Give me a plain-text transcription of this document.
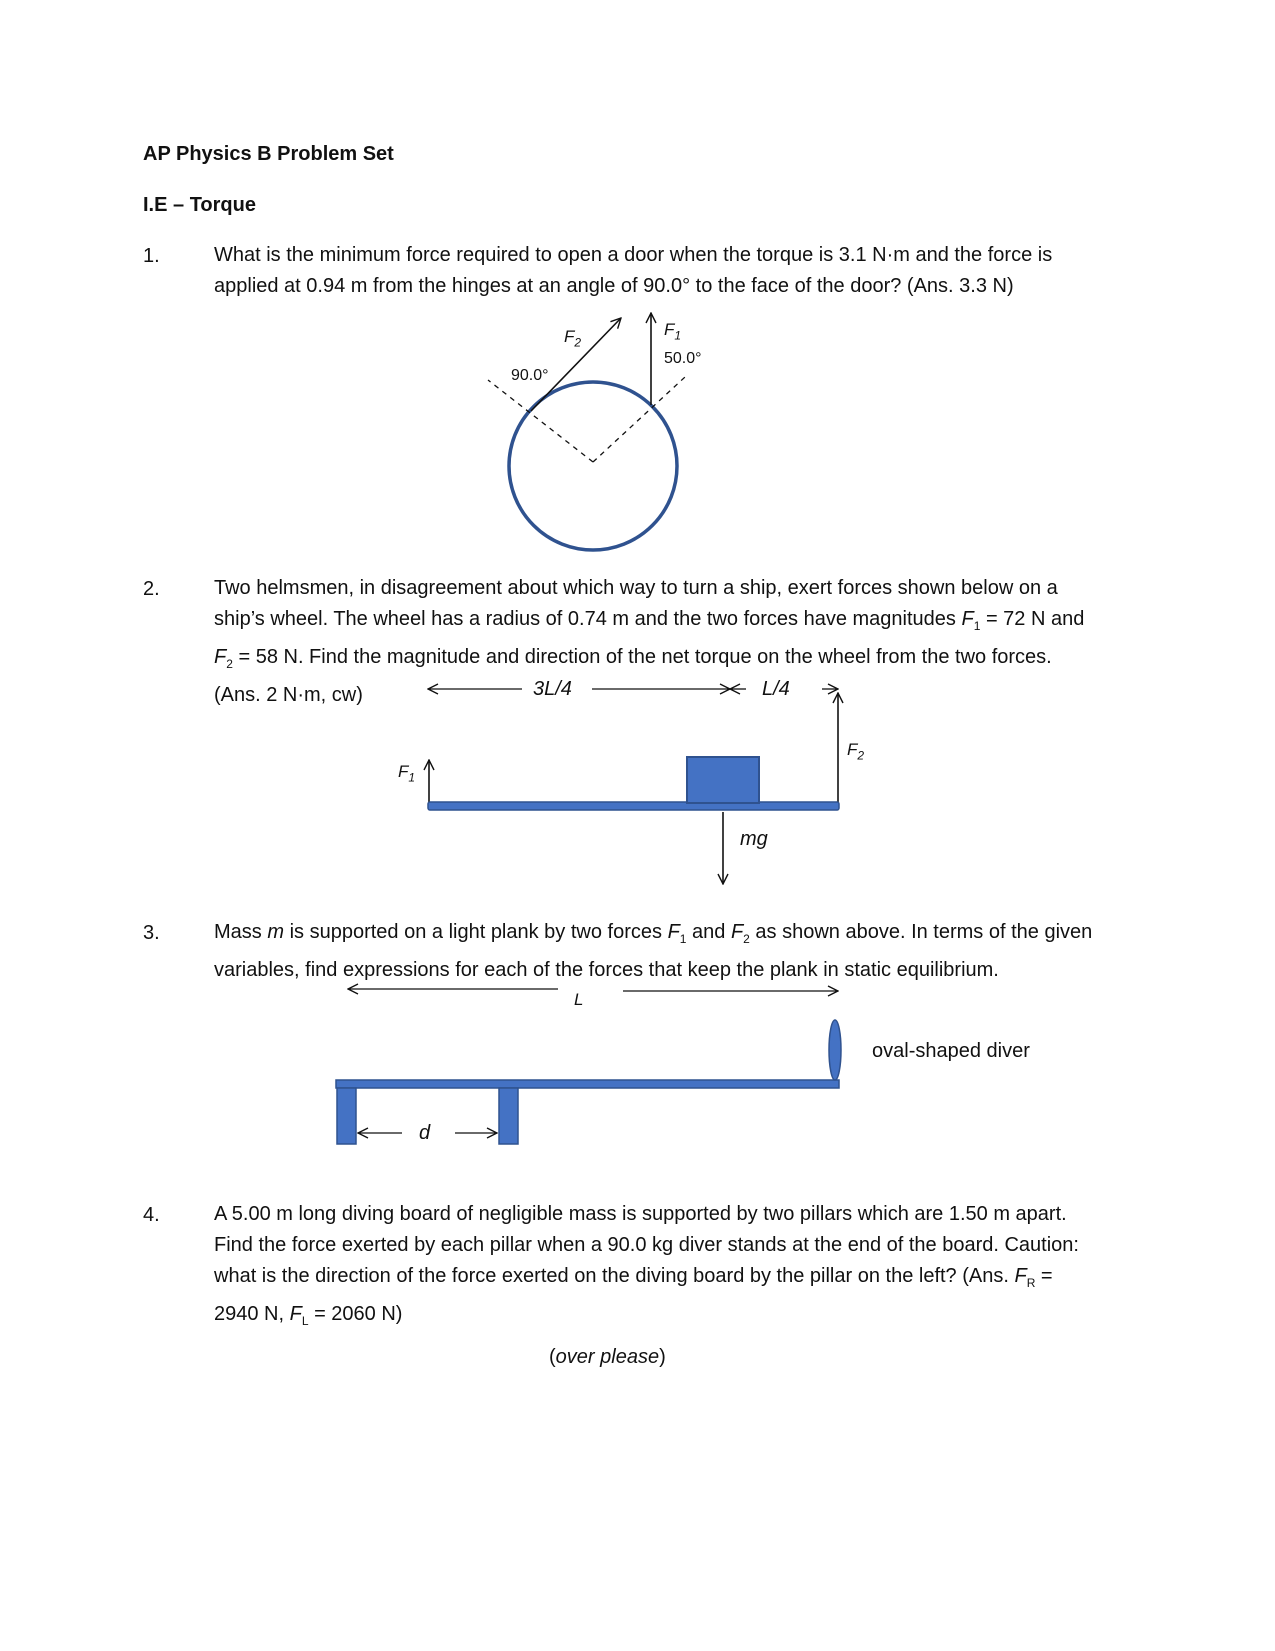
AP Physics B Problem Set
I.E – Torque
1.	What is the minimum force required to open a door when the torque is 3.1 N·m and the force is applied at 0.94 m from the hinges at an angle of 90.0° to the face of the door? (Ans. 3.3 N)
$F_2$
$F_1$
90.0°
50.0°
2.	Two helmsmen, in disagreement about which way to turn a ship, exert forces shown below on a ship’s wheel. The wheel has a radius of 0.74 m and the two forces have magnitudes $F_1 = 72$ N and $F_2 = 58$ N. Find the magnitude and direction of the net torque on the wheel from the two forces. (Ans. 2 N·m, cw)	3L/4	L/4
$F_1$
$F_2$
mg
3.	Mass m is supported on a light plank by two forces $F_1$ and $F_2$ as shown above. In terms of the given variables, find expressions for each of the forces that keep the plank in static equilibrium.
L
d
oval-shaped diver
4.	A 5.00 m long diving board of negligible mass is supported by two pillars which are 1.50 m apart. Find the force exerted by each pillar when a 90.0 kg diver stands at the end of the board. Caution: what is the direction of the force exerted on the diving board by the pillar on the left? (Ans. $F_R = 2940$ N, $F_L = 2060$ N)
(over please)
